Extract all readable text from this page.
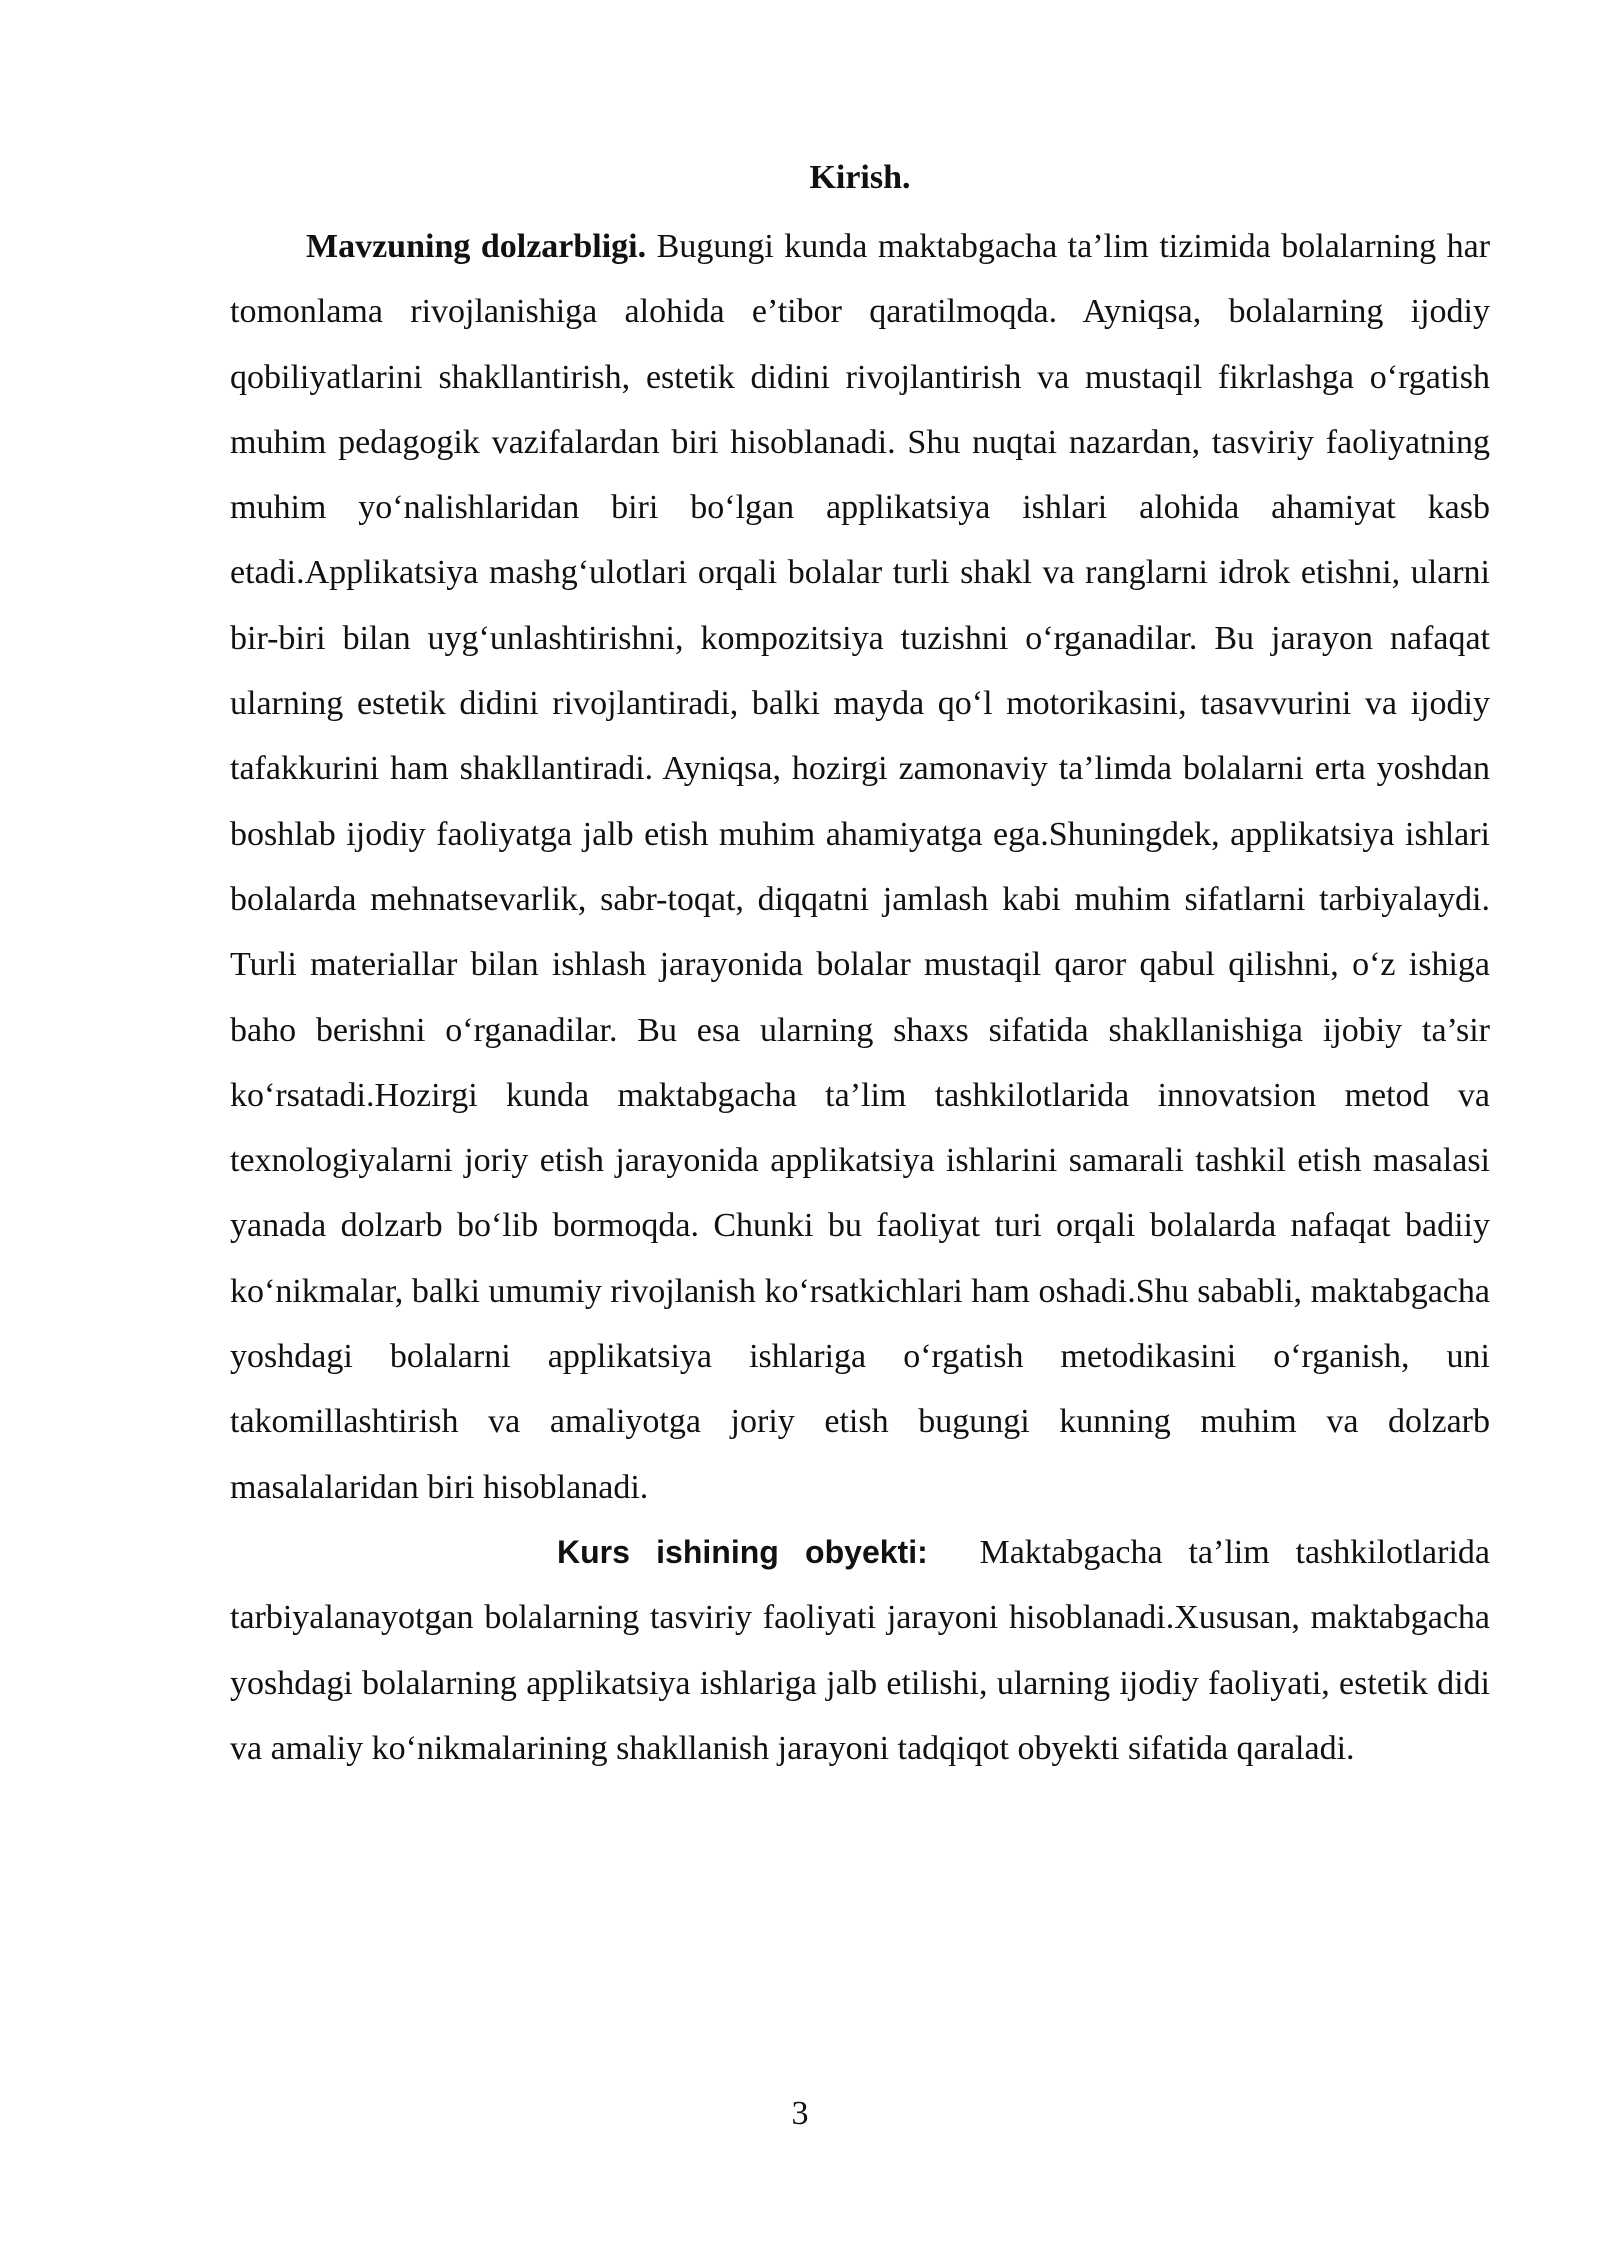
Kirish.

Mavzuning dolzarbligi. Bugungi kunda maktabgacha ta’lim tizimida bolalarning har tomonlama rivojlanishiga alohida e’tibor qaratilmoqda. Ayniqsa, bolalarning ijodiy qobiliyatlarini shakllantirish, estetik didini rivojlantirish va mustaqil fikrlashga o‘rgatish muhim pedagogik vazifalardan biri hisoblanadi. Shu nuqtai nazardan, tasviriy faoliyatning muhim yo‘nalishlaridan biri bo‘lgan applikatsiya ishlari alohida ahamiyat kasb etadi.Applikatsiya mashg‘ulotlari orqali bolalar turli shakl va ranglarni idrok etishni, ularni bir-biri bilan uyg‘unlashtirishni, kompozitsiya tuzishni o‘rganadilar. Bu jarayon nafaqat ularning estetik didini rivojlantiradi, balki mayda qo‘l motorikasini, tasavvurini va ijodiy tafakkurini ham shakllantiradi. Ayniqsa, hozirgi zamonaviy ta’limda bolalarni erta yoshdan boshlab ijodiy faoliyatga jalb etish muhim ahamiyatga ega.Shuningdek, applikatsiya ishlari bolalarda mehnatsevarlik, sabr-toqat, diqqatni jamlash kabi muhim sifatlarni tarbiyalaydi. Turli materiallar bilan ishlash jarayonida bolalar mustaqil qaror qabul qilishni, o‘z ishiga baho berishni o‘rganadilar. Bu esa ularning shaxs sifatida shakllanishiga ijobiy ta’sir ko‘rsatadi.Hozirgi kunda maktabgacha ta’lim tashkilotlarida innovatsion metod va texnologiyalarni joriy etish jarayonida applikatsiya ishlarini samarali tashkil etish masalasi yanada dolzarb bo‘lib bormoqda. Chunki bu faoliyat turi orqali bolalarda nafaqat badiiy ko‘nikmalar, balki umumiy rivojlanish ko‘rsatkichlari ham oshadi.Shu sababli, maktabgacha yoshdagi bolalarni applikatsiya ishlariga o‘rgatish metodikasini o‘rganish, uni takomillashtirish va amaliyotga joriy etish bugungi kunning muhim va dolzarb masalalaridan biri hisoblanadi.

Kurs ishining obyekti: Maktabgacha ta’lim tashkilotlarida tarbiyalanayotgan bolalarning tasviriy faoliyati jarayoni hisoblanadi.Xususan, maktabgacha yoshdagi bolalarning applikatsiya ishlariga jalb etilishi, ularning ijodiy faoliyati, estetik didi va amaliy ko‘nikmalarining shakllanish jarayoni tadqiqot obyekti sifatida qaraladi.

3
